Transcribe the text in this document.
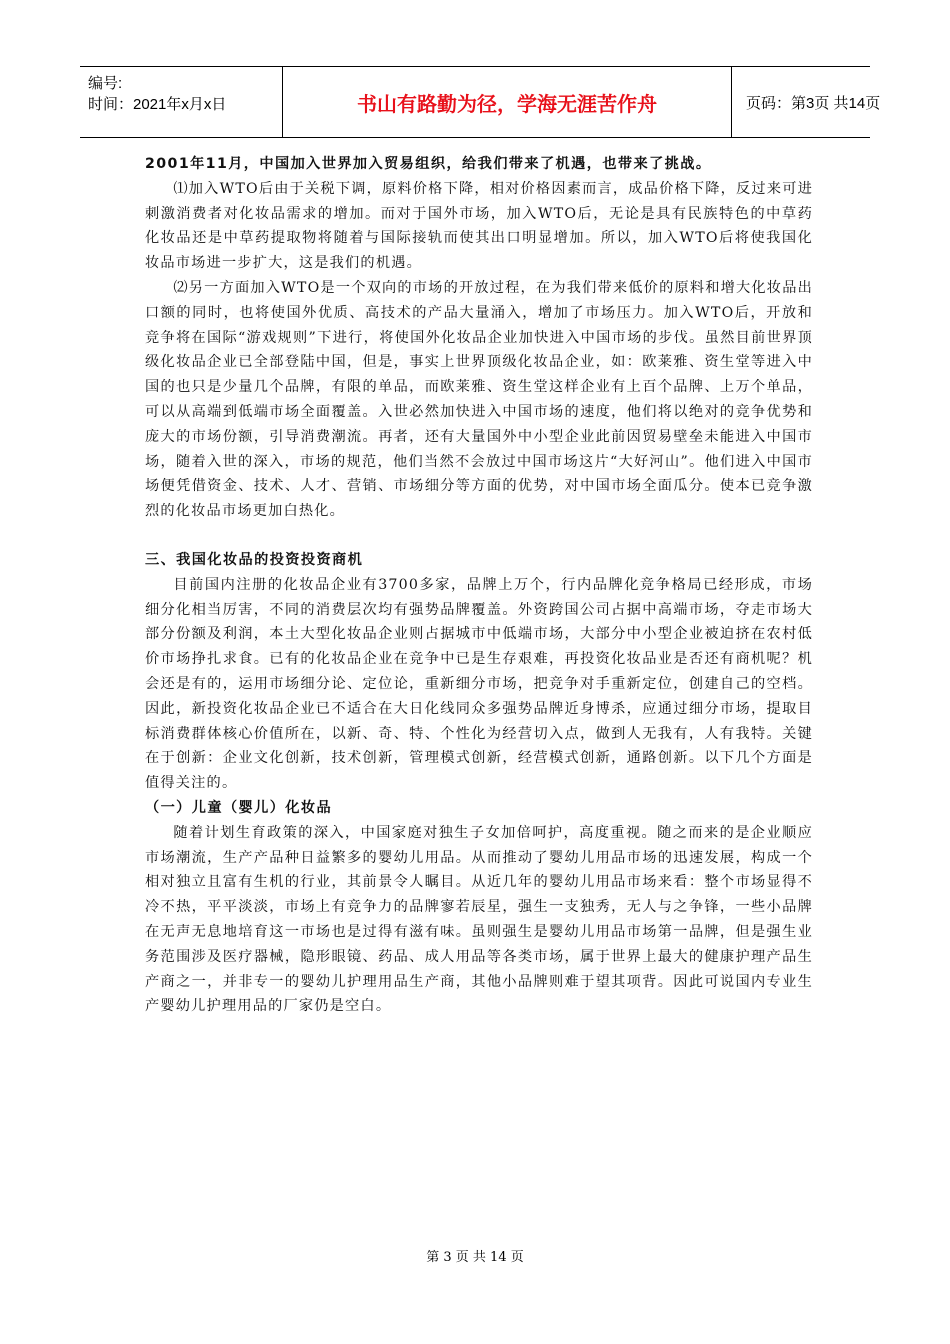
编号:
时间：2021年x月x日	书山有路勤为径，学海无涯苦作舟	页码：第3页 共14页

2001年11月，中国加入世界加入贸易组织，给我们带来了机遇，也带来了挑战。

⑴加入WTO后由于关税下调，原料价格下降，相对价格因素而言，成品价格下降，反过来可进刺激消费者对化妆品需求的增加。而对于国外市场，加入WTO后，无论是具有民族特色的中草药化妆品还是中草药提取物将随着与国际接轨而使其出口明显增加。所以，加入WTO后将使我国化妆品市场进一步扩大，这是我们的机遇。

⑵另一方面加入WTO是一个双向的市场的开放过程，在为我们带来低价的原料和增大化妆品出口额的同时，也将使国外优质、高技术的产品大量涌入，增加了市场压力。加入WTO后，开放和竞争将在国际“游戏规则”下进行，将使国外化妆品企业加快进入中国市场的步伐。虽然目前世界顶级化妆品企业已全部登陆中国，但是，事实上世界顶级化妆品企业，如：欧莱雅、资生堂等进入中国的也只是少量几个品牌，有限的单品，而欧莱雅、资生堂这样企业有上百个品牌、上万个单品，可以从高端到低端市场全面覆盖。入世必然加快进入中国市场的速度，他们将以绝对的竞争优势和庞大的市场份额，引导消费潮流。再者，还有大量国外中小型企业此前因贸易壁垒未能进入中国市场，随着入世的深入，市场的规范，他们当然不会放过中国市场这片“大好河山”。他们进入中国市场便凭借资金、技术、人才、营销、市场细分等方面的优势，对中国市场全面瓜分。使本已竞争激烈的化妆品市场更加白热化。

三、我国化妆品的投资投资商机

目前国内注册的化妆品企业有3700多家，品牌上万个，行内品牌化竞争格局已经形成，市场细分化相当厉害，不同的消费层次均有强势品牌覆盖。外资跨国公司占据中高端市场，夺走市场大部分份额及利润，本土大型化妆品企业则占据城市中低端市场，大部分中小型企业被迫挤在农村低价市场挣扎求食。已有的化妆品企业在竞争中已是生存艰难，再投资化妆品业是否还有商机呢？机会还是有的，运用市场细分论、定位论，重新细分市场，把竞争对手重新定位，创建自己的空档。因此，新投资化妆品企业已不适合在大日化线同众多强势品牌近身博杀，应通过细分市场，提取目标消费群体核心价值所在，以新、奇、特、个性化为经营切入点，做到人无我有，人有我特。关键在于创新：企业文化创新，技术创新，管理模式创新，经营模式创新，通路创新。以下几个方面是值得关注的。

（一）儿童（婴儿）化妆品

随着计划生育政策的深入，中国家庭对独生子女加倍呵护，高度重视。随之而来的是企业顺应市场潮流，生产产品种日益繁多的婴幼儿用品。从而推动了婴幼儿用品市场的迅速发展，构成一个相对独立且富有生机的行业，其前景令人瞩目。从近几年的婴幼儿用品市场来看：整个市场显得不冷不热，平平淡淡，市场上有竞争力的品牌寥若辰星，强生一支独秀，无人与之争锋，一些小品牌在无声无息地培育这一市场也是过得有滋有味。虽则强生是婴幼儿用品市场第一品牌，但是强生业务范围涉及医疗器械，隐形眼镜、药品、成人用品等各类市场，属于世界上最大的健康护理产品生产商之一，并非专一的婴幼儿护理用品生产商，其他小品牌则难于望其项背。因此可说国内专业生产婴幼儿护理用品的厂家仍是空白。

第 3 页 共 14 页
